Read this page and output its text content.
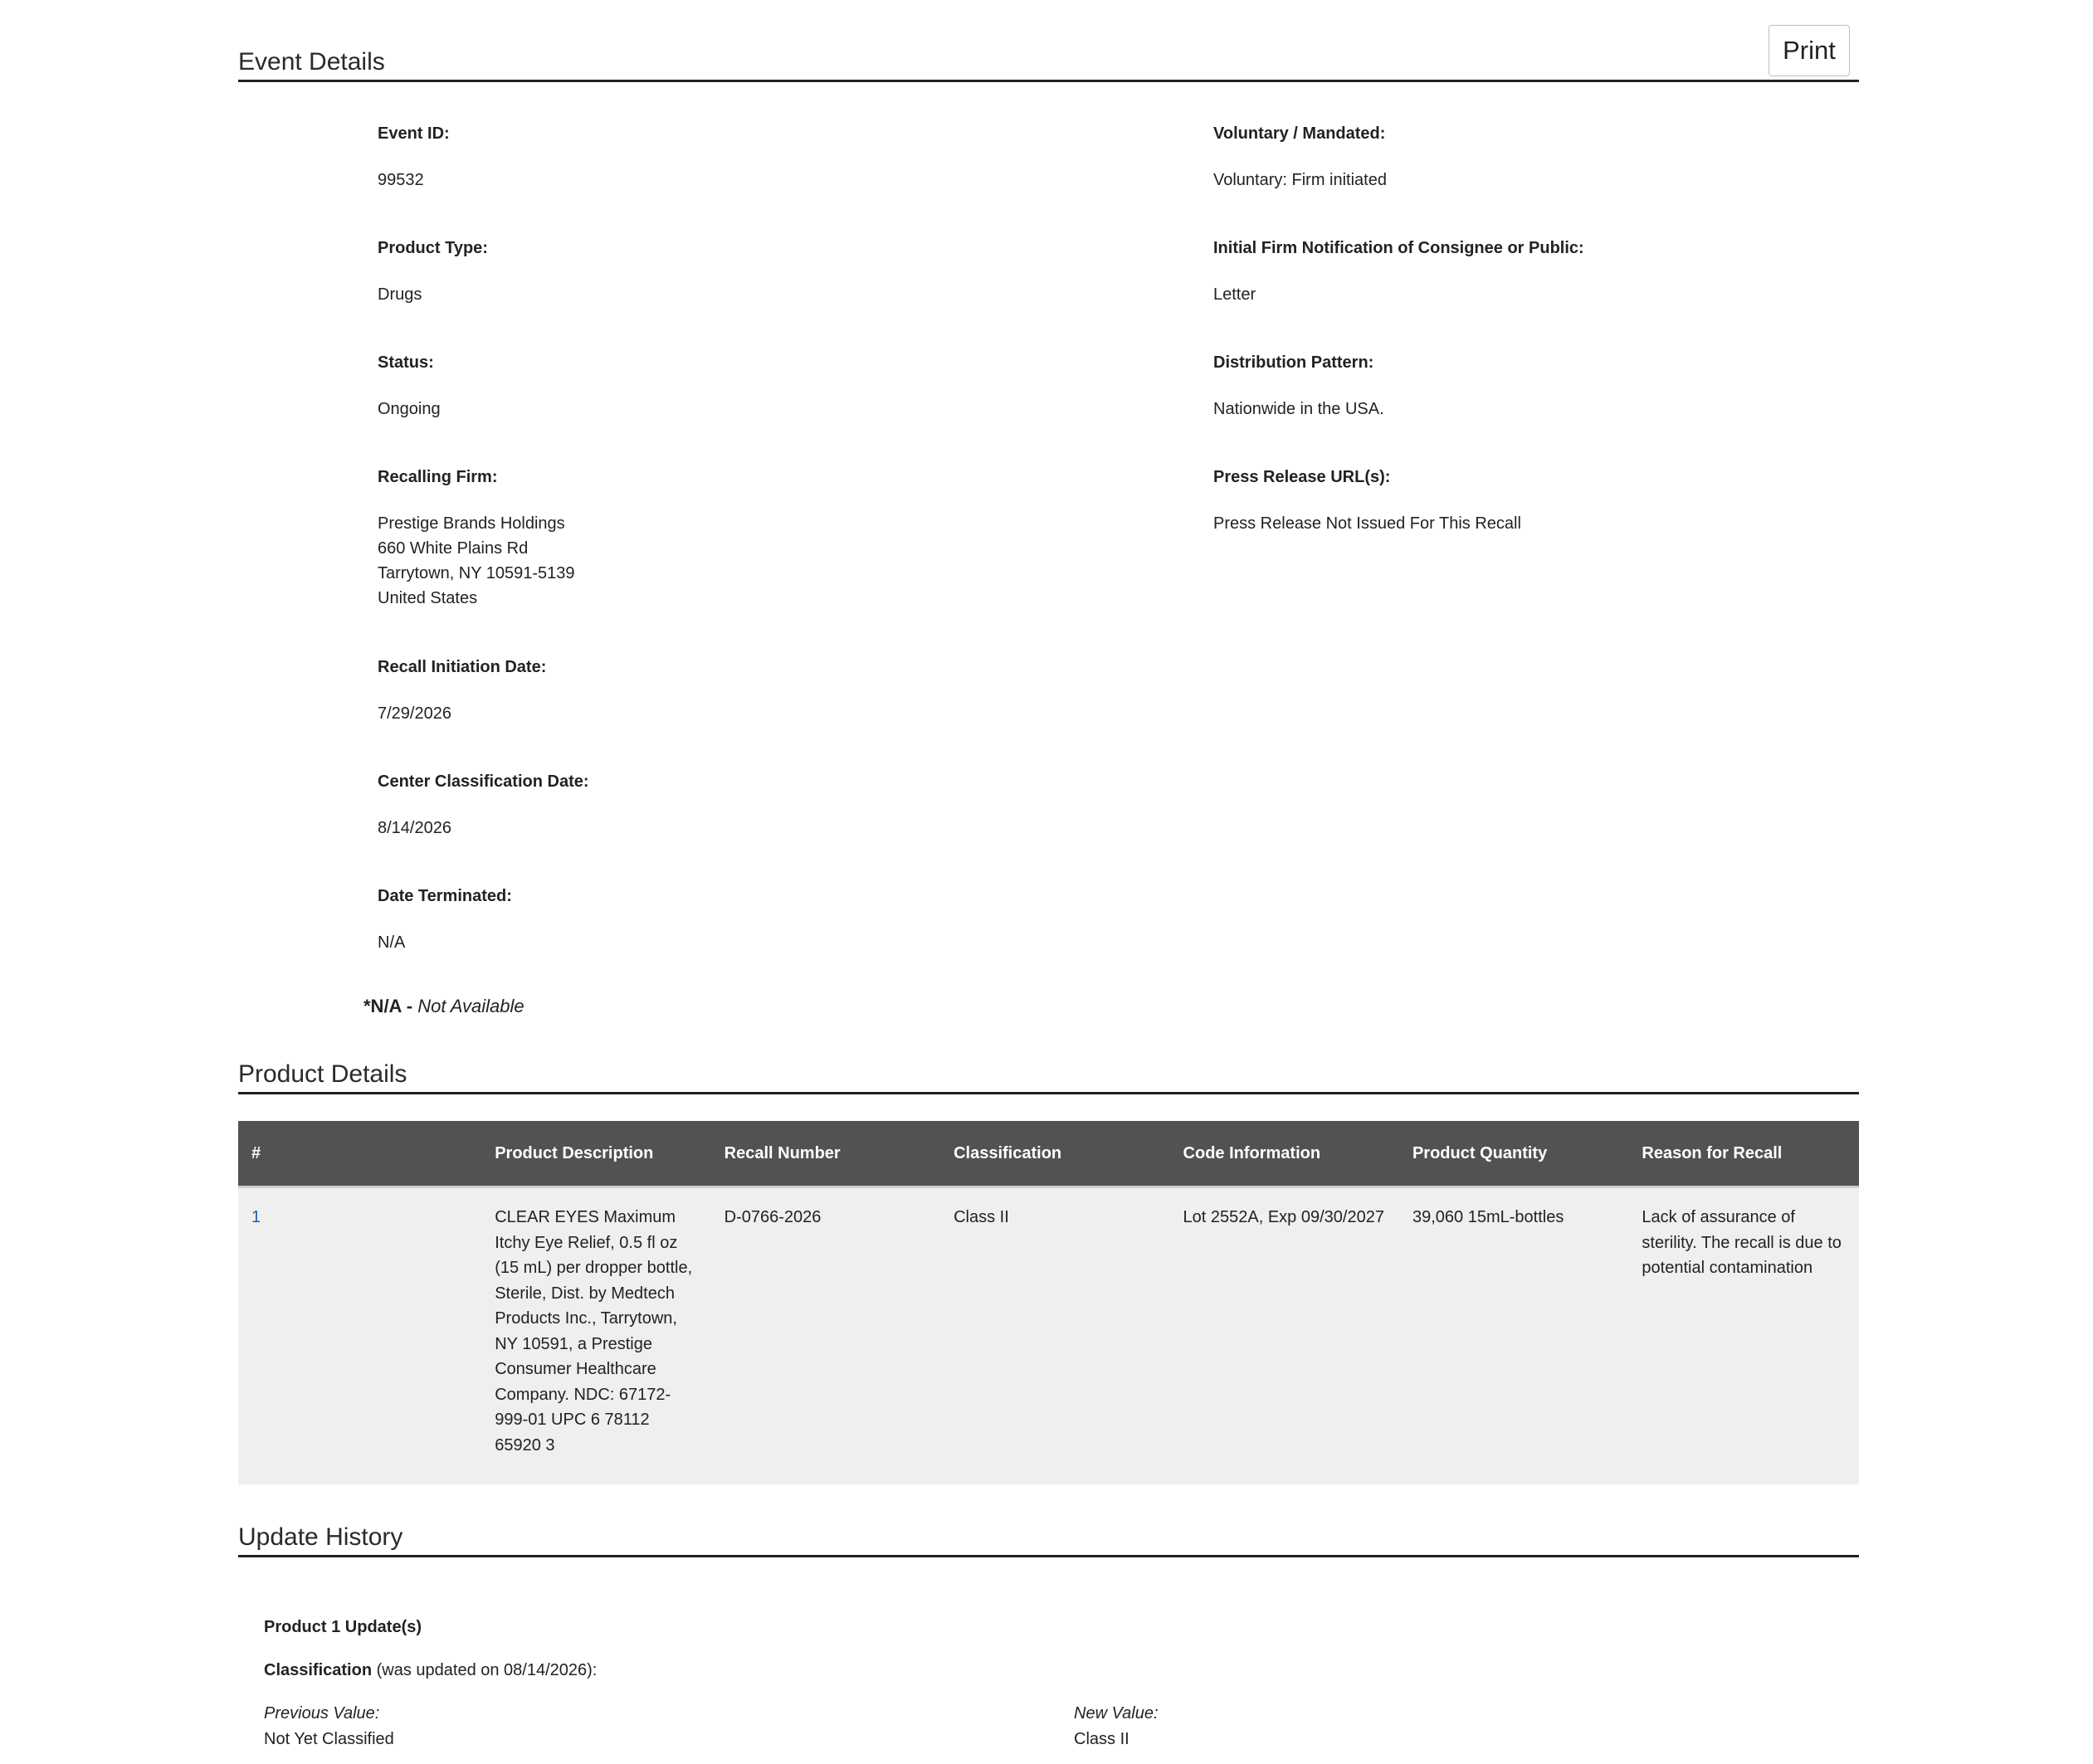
Print
Event Details
Event ID:
99532
Product Type:
Drugs
Status:
Ongoing
Recalling Firm:
Prestige Brands Holdings
660 White Plains Rd
Tarrytown, NY 10591-5139
United States
Recall Initiation Date:
7/29/2026
Center Classification Date:
8/14/2026
Date Terminated:
N/A
Voluntary / Mandated:
Voluntary: Firm initiated
Initial Firm Notification of Consignee or Public:
Letter
Distribution Pattern:
Nationwide in the USA.
Press Release URL(s):
Press Release Not Issued For This Recall
*N/A - Not Available
Product Details
#	Product Description	Recall Number	Classification	Code Information	Product Quantity	Reason for Recall
1	CLEAR EYES Maximum Itchy Eye Relief, 0.5 fl oz (15 mL) per dropper bottle, Sterile, Dist. by Medtech Products Inc., Tarrytown, NY 10591, a Prestige Consumer Healthcare Company. NDC: 67172-999-01 UPC 6 78112 65920 3	D-0766-2026	Class II	Lot 2552A, Exp 09/30/2027	39,060 15mL-bottles	Lack of assurance of sterility. The recall is due to potential contamination
Update History
Product 1 Update(s)
Classification (was updated on 08/14/2026):
Previous Value:
Not Yet Classified
New Value:
Class II
